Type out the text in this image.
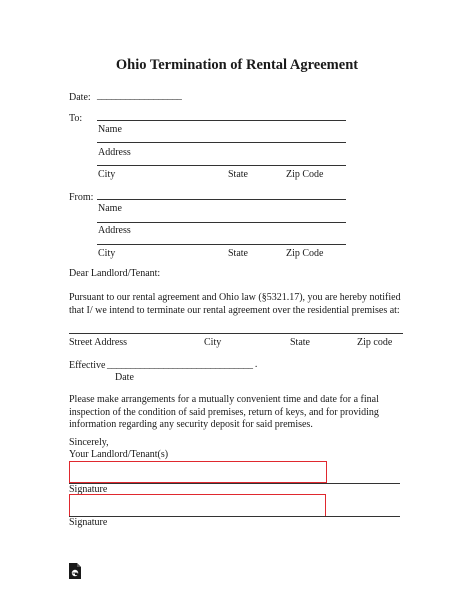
Ohio Termination of Rental Agreement
Date: __________________
To:
Name
Address
City	State	Zip Code
From:
Name
Address
City	State	Zip Code
Dear Landlord/Tenant:
Pursuant to our rental agreement and Ohio law (§5321.17), you are hereby notified that I/ we intend to terminate our rental agreement over the residential premises at:
Street Address	City	State	Zip code
Effective _______________________________ .
Date
Please make arrangements for a mutually convenient time and date for a final inspection of the condition of said premises, return of keys, and for providing information regarding any security deposit for said premises.
Sincerely,
Your Landlord/Tenant(s)
Signature
Signature
